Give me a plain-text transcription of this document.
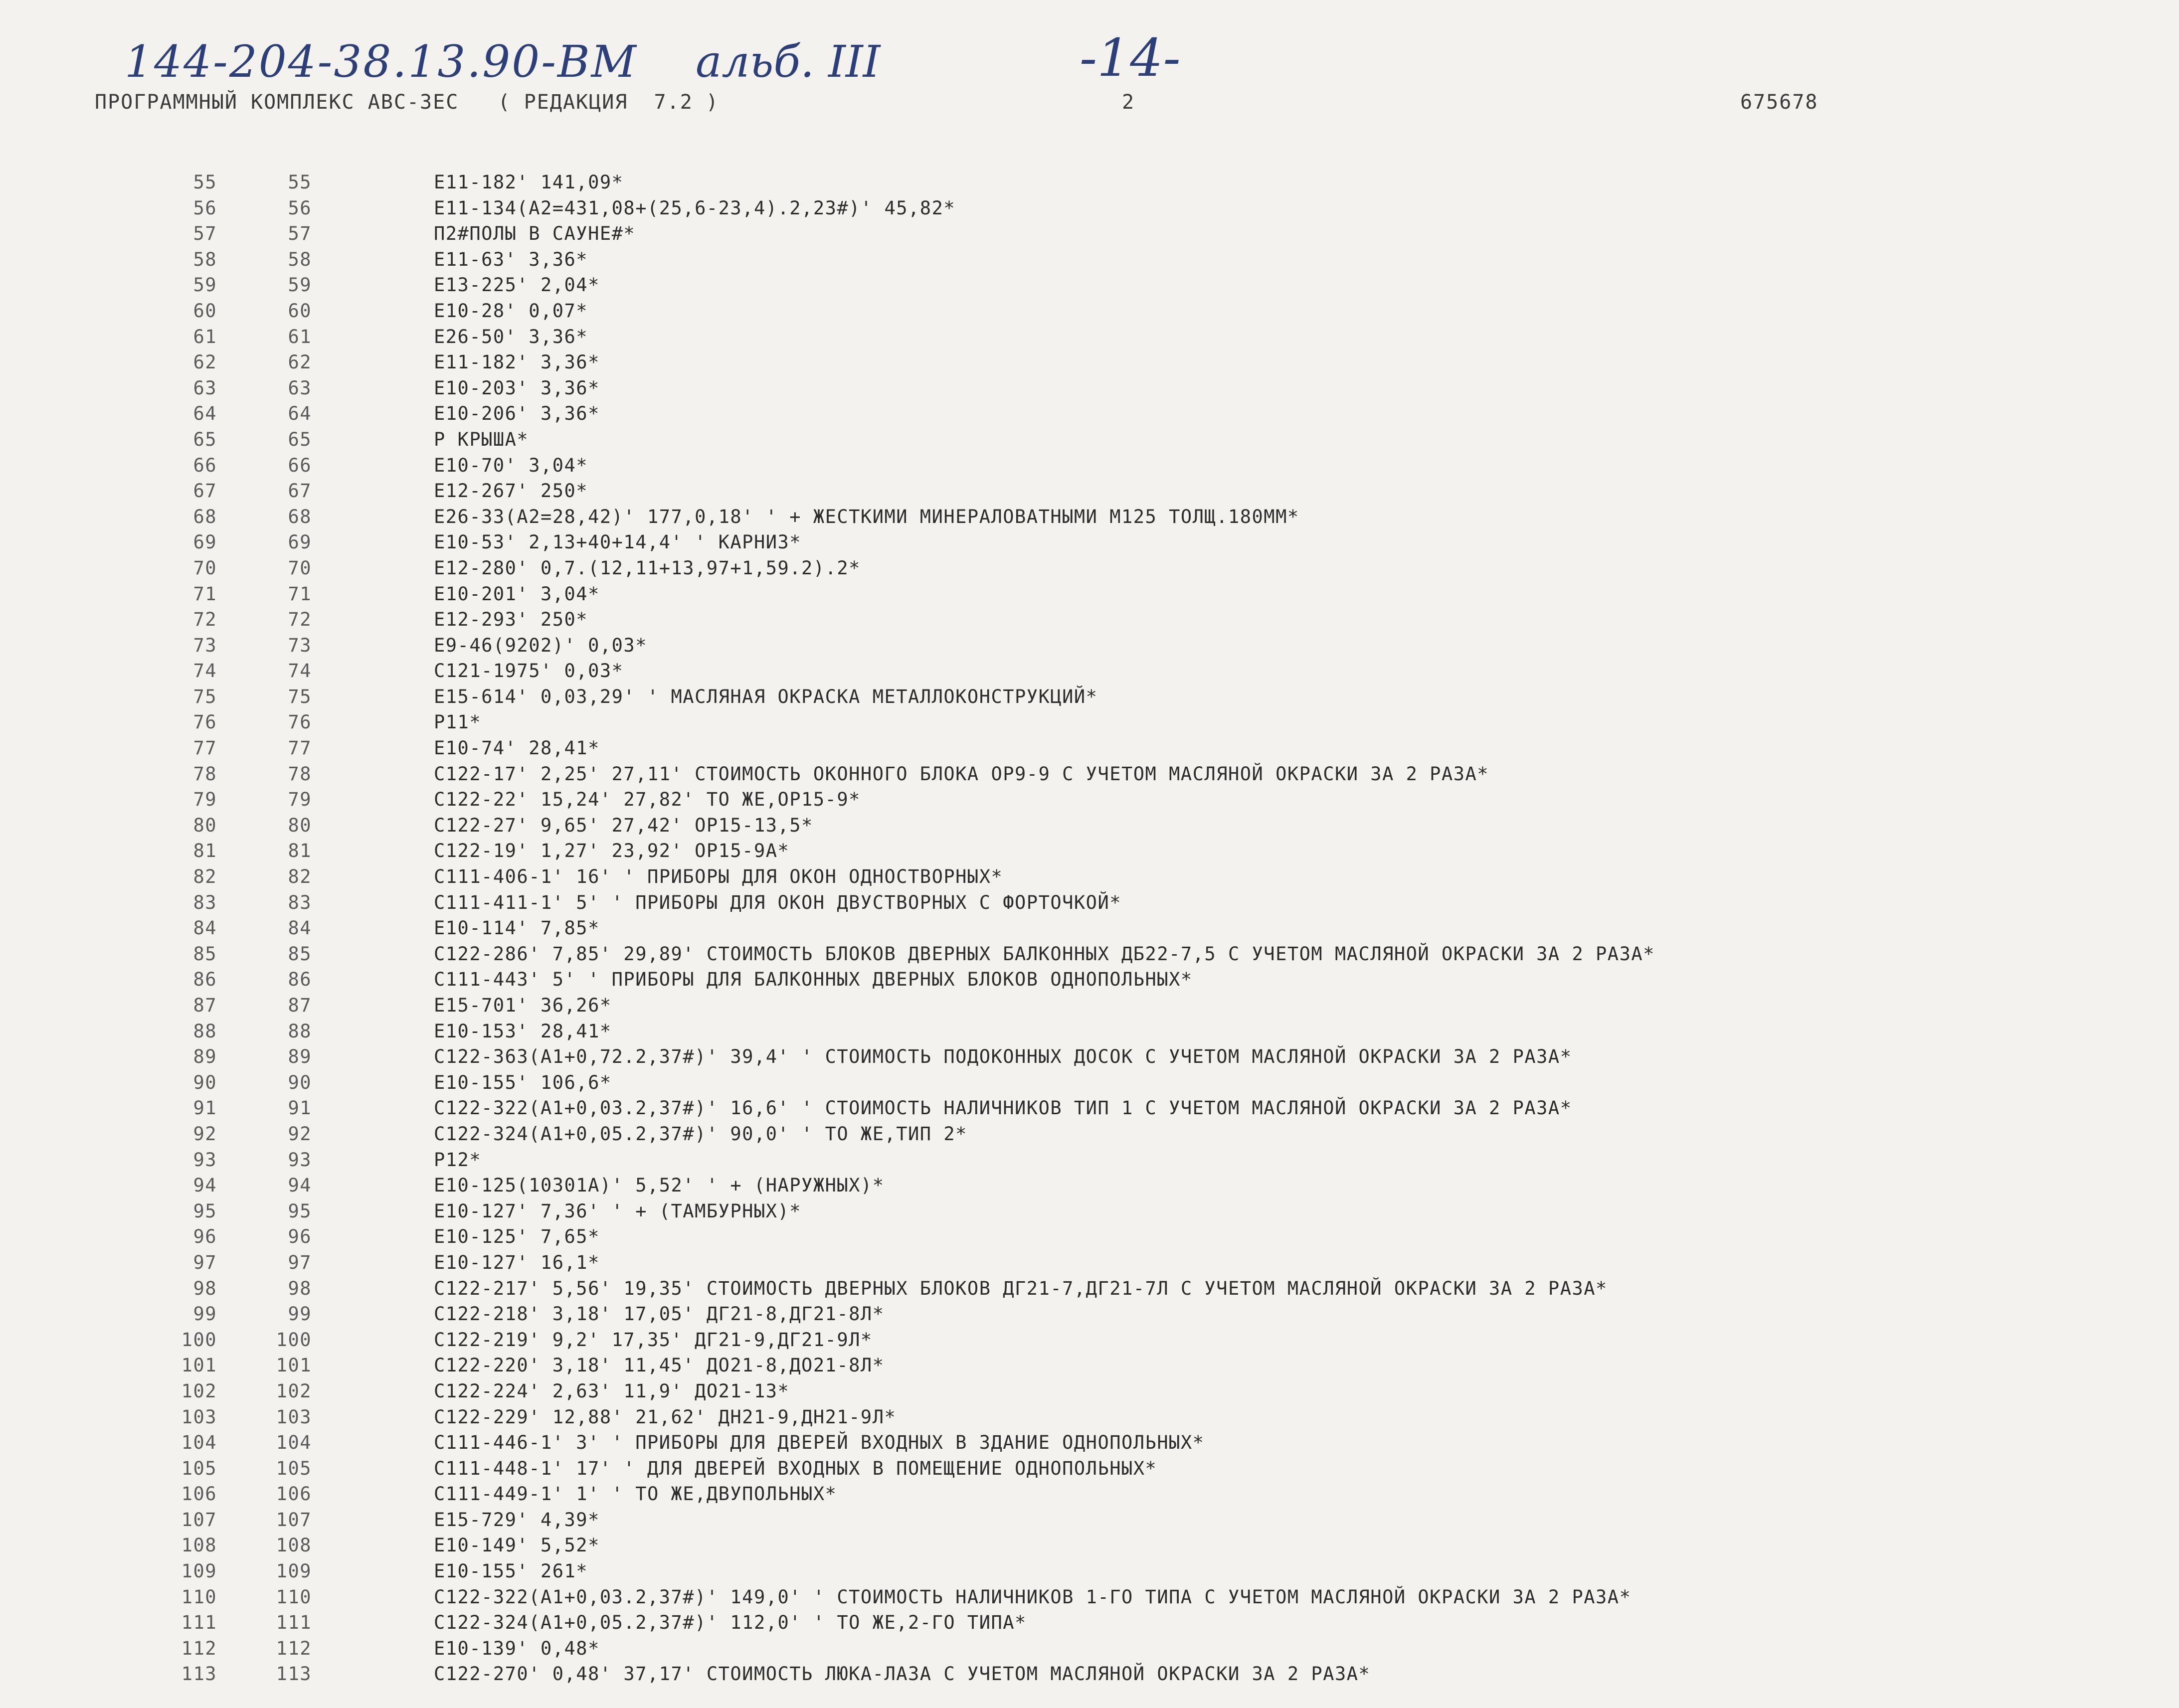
144-204-38.13.90-ВМ альб. III	-14-
ПРОГРАММНЫЙ КОМПЛЕКС АВС-3ЕС   ( РЕДАКЦИЯ  7.2 )	2	675678
55	55	Е11-182' 141,09*
56	56	Е11-134(А2=431,08+(25,6-23,4).2,23#)' 45,82*
57	57	П2#ПОЛЫ В САУНЕ#*
58	58	Е11-63' 3,36*
59	59	Е13-225' 2,04*
60	60	Е10-28' 0,07*
61	61	Е26-50' 3,36*
62	62	Е11-182' 3,36*
63	63	Е10-203' 3,36*
64	64	Е10-206' 3,36*
65	65	Р КРЫША*
66	66	Е10-70' 3,04*
67	67	Е12-267' 250*
68	68	Е26-33(А2=28,42)' 177,0,18' ' + ЖЕСТКИМИ МИНЕРАЛОВАТНЫМИ М125 ТОЛЩ.180ММ*
69	69	Е10-53' 2,13+40+14,4' ' КАРНИЗ*
70	70	Е12-280' 0,7.(12,11+13,97+1,59.2).2*
71	71	Е10-201' 3,04*
72	72	Е12-293' 250*
73	73	Е9-46(9202)' 0,03*
74	74	С121-1975' 0,03*
75	75	Е15-614' 0,03,29' ' МАСЛЯНАЯ ОКРАСКА МЕТАЛЛОКОНСТРУКЦИЙ*
76	76	Р11*
77	77	Е10-74' 28,41*
78	78	С122-17' 2,25' 27,11' СТОИМОСТЬ ОКОННОГО БЛОКА ОР9-9 С УЧЕТОМ МАСЛЯНОЙ ОКРАСКИ ЗА 2 РАЗА*
79	79	С122-22' 15,24' 27,82' ТО ЖЕ,ОР15-9*
80	80	С122-27' 9,65' 27,42' ОР15-13,5*
81	81	С122-19' 1,27' 23,92' ОР15-9А*
82	82	С111-406-1' 16' ' ПРИБОРЫ ДЛЯ ОКОН ОДНОСТВОРНЫХ*
83	83	С111-411-1' 5' ' ПРИБОРЫ ДЛЯ ОКОН ДВУСТВОРНЫХ С ФОРТОЧКОЙ*
84	84	Е10-114' 7,85*
85	85	С122-286' 7,85' 29,89' СТОИМОСТЬ БЛОКОВ ДВЕРНЫХ БАЛКОННЫХ ДБ22-7,5 С УЧЕТОМ МАСЛЯНОЙ ОКРАСКИ ЗА 2 РАЗА*
86	86	С111-443' 5' ' ПРИБОРЫ ДЛЯ БАЛКОННЫХ ДВЕРНЫХ БЛОКОВ ОДНОПОЛЬНЫХ*
87	87	Е15-701' 36,26*
88	88	Е10-153' 28,41*
89	89	С122-363(А1+0,72.2,37#)' 39,4' ' СТОИМОСТЬ ПОДОКОННЫХ ДОСОК С УЧЕТОМ МАСЛЯНОЙ ОКРАСКИ ЗА 2 РАЗА*
90	90	Е10-155' 106,6*
91	91	С122-322(А1+0,03.2,37#)' 16,6' ' СТОИМОСТЬ НАЛИЧНИКОВ ТИП 1 С УЧЕТОМ МАСЛЯНОЙ ОКРАСКИ ЗА 2 РАЗА*
92	92	С122-324(А1+0,05.2,37#)' 90,0' ' ТО ЖЕ,ТИП 2*
93	93	Р12*
94	94	Е10-125(10301А)' 5,52' ' + (НАРУЖНЫХ)*
95	95	Е10-127' 7,36' ' + (ТАМБУРНЫХ)*
96	96	Е10-125' 7,65*
97	97	Е10-127' 16,1*
98	98	С122-217' 5,56' 19,35' СТОИМОСТЬ ДВЕРНЫХ БЛОКОВ ДГ21-7,ДГ21-7Л С УЧЕТОМ МАСЛЯНОЙ ОКРАСКИ ЗА 2 РАЗА*
99	99	С122-218' 3,18' 17,05' ДГ21-8,ДГ21-8Л*
100	100	С122-219' 9,2' 17,35' ДГ21-9,ДГ21-9Л*
101	101	С122-220' 3,18' 11,45' ДО21-8,ДО21-8Л*
102	102	С122-224' 2,63' 11,9' ДО21-13*
103	103	С122-229' 12,88' 21,62' ДН21-9,ДН21-9Л*
104	104	С111-446-1' 3' ' ПРИБОРЫ ДЛЯ ДВЕРЕЙ ВХОДНЫХ В ЗДАНИЕ ОДНОПОЛЬНЫХ*
105	105	С111-448-1' 17' ' ДЛЯ ДВЕРЕЙ ВХОДНЫХ В ПОМЕЩЕНИЕ ОДНОПОЛЬНЫХ*
106	106	С111-449-1' 1' ' ТО ЖЕ,ДВУПОЛЬНЫХ*
107	107	Е15-729' 4,39*
108	108	Е10-149' 5,52*
109	109	Е10-155' 261*
110	110	С122-322(А1+0,03.2,37#)' 149,0' ' СТОИМОСТЬ НАЛИЧНИКОВ 1-ГО ТИПА С УЧЕТОМ МАСЛЯНОЙ ОКРАСКИ ЗА 2 РАЗА*
111	111	С122-324(А1+0,05.2,37#)' 112,0' ' ТО ЖЕ,2-ГО ТИПА*
112	112	Е10-139' 0,48*
113	113	С122-270' 0,48' 37,17' СТОИМОСТЬ ЛЮКА-ЛАЗА С УЧЕТОМ МАСЛЯНОЙ ОКРАСКИ ЗА 2 РАЗА*
